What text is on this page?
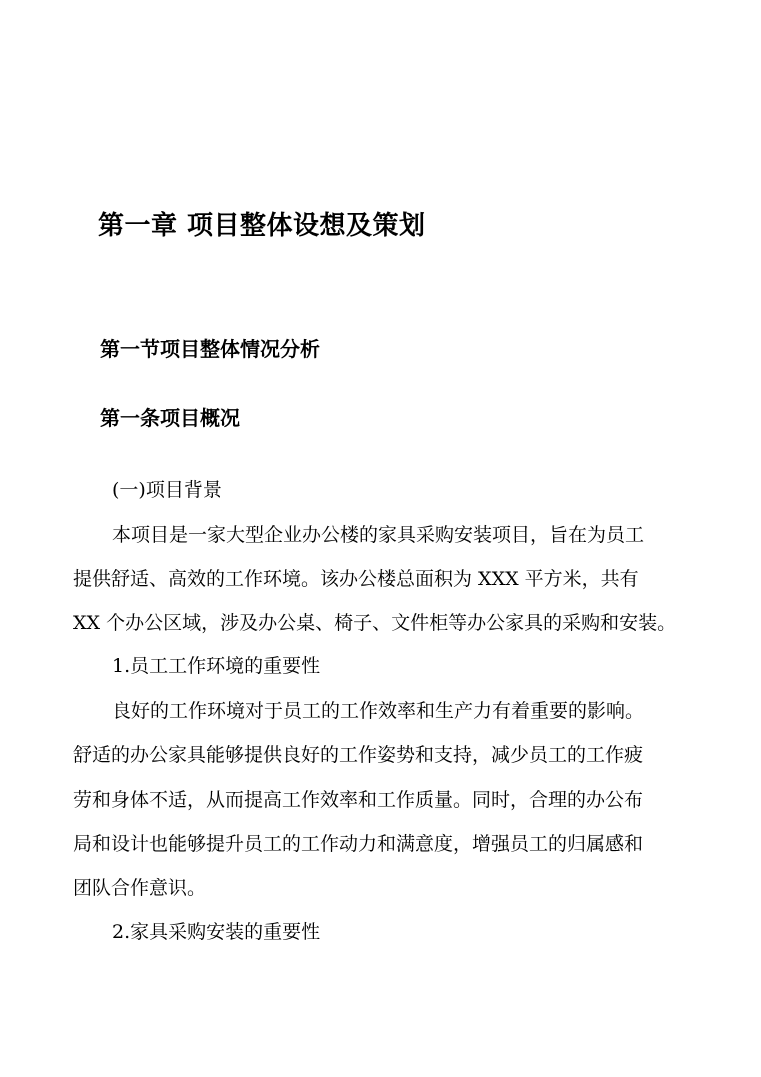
第一章 项目整体设想及策划
第一节项目整体情况分析
第一条项目概况

(一)项目背景

本项目是一家大型企业办公楼的家具采购安装项目，旨在为员工

提供舒适、高效的工作环境。该办公楼总面积为 XXX 平方米，共有

XX 个办公区域，涉及办公桌、椅子、文件柜等办公家具的采购和安装。

1.员工工作环境的重要性

良好的工作环境对于员工的工作效率和生产力有着重要的影响。

舒适的办公家具能够提供良好的工作姿势和支持，减少员工的工作疲

劳和身体不适，从而提高工作效率和工作质量。同时，合理的办公布

局和设计也能够提升员工的工作动力和满意度，增强员工的归属感和

团队合作意识。

2.家具采购安装的重要性
